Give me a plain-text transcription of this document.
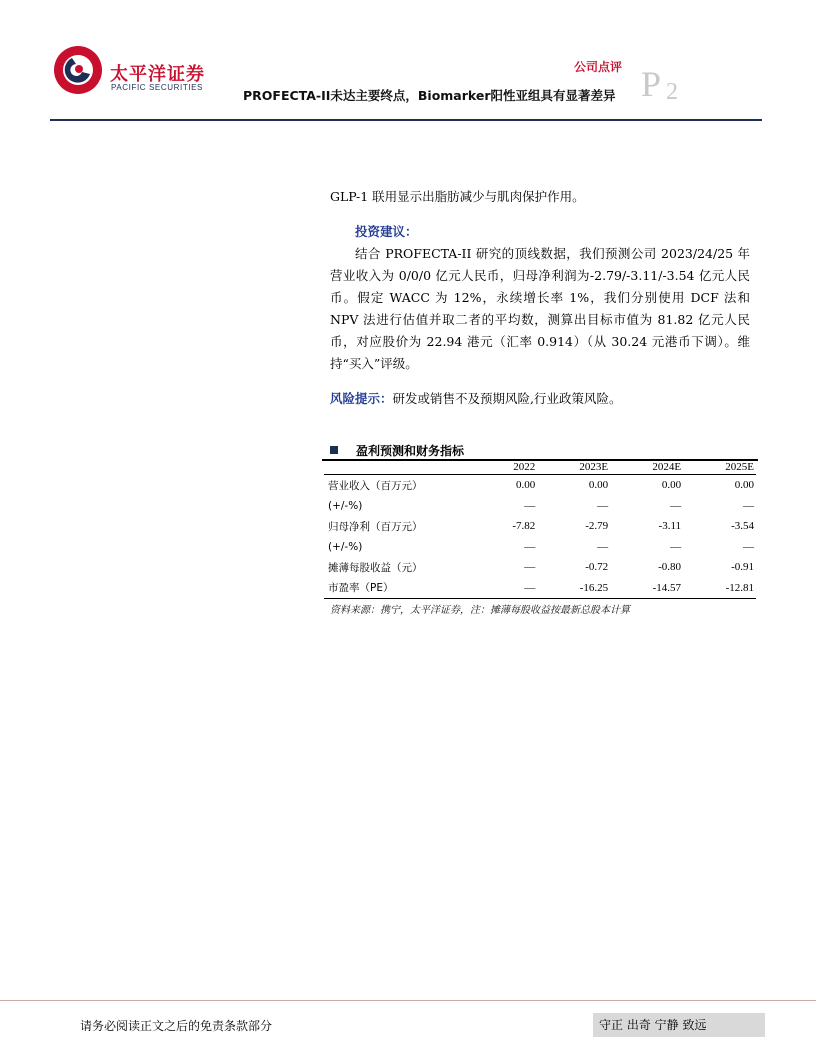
太平洋证券
PACIFIC SECURITIES
公司点评
PROFECTA-II未达主要终点，Biomarker阳性亚组具有显著差异 P 2

GLP-1 联用显示出脂肪减少与肌肉保护作用。

投资建议：

结合 PROFECTA-II 研究的顶线数据，我们预测公司 2023/24/25 年营业收入为 0/0/0 亿元人民币，归母净利润为-2.79/-3.11/-3.54 亿元人民币。假定 WACC 为 12%，永续增长率 1%，我们分别使用 DCF 法和 NPV 法进行估值并取二者的平均数，测算出目标市值为 81.82 亿元人民币，对应股价为 22.94 港元（汇率 0.914）（从 30.24 元港币下调）。维持“买入”评级。

风险提示：研发或销售不及预期风险,行业政策风险。

盈利预测和财务指标
	2022	2023E	2024E	2025E
营业收入（百万元）	0.00	0.00	0.00	0.00
(+/-%)	—	—	—	—
归母净利（百万元）	-7.82	-2.79	-3.11	-3.54
(+/-%)	—	—	—	—
摊薄每股收益（元）	—	-0.72	-0.80	-0.91
市盈率（PE）	—	-16.25	-14.57	-12.81
资料来源：携宁，太平洋证券，注：摊薄每股收益按最新总股本计算
请务必阅读正文之后的免责条款部分	守正 出奇 宁静 致远
